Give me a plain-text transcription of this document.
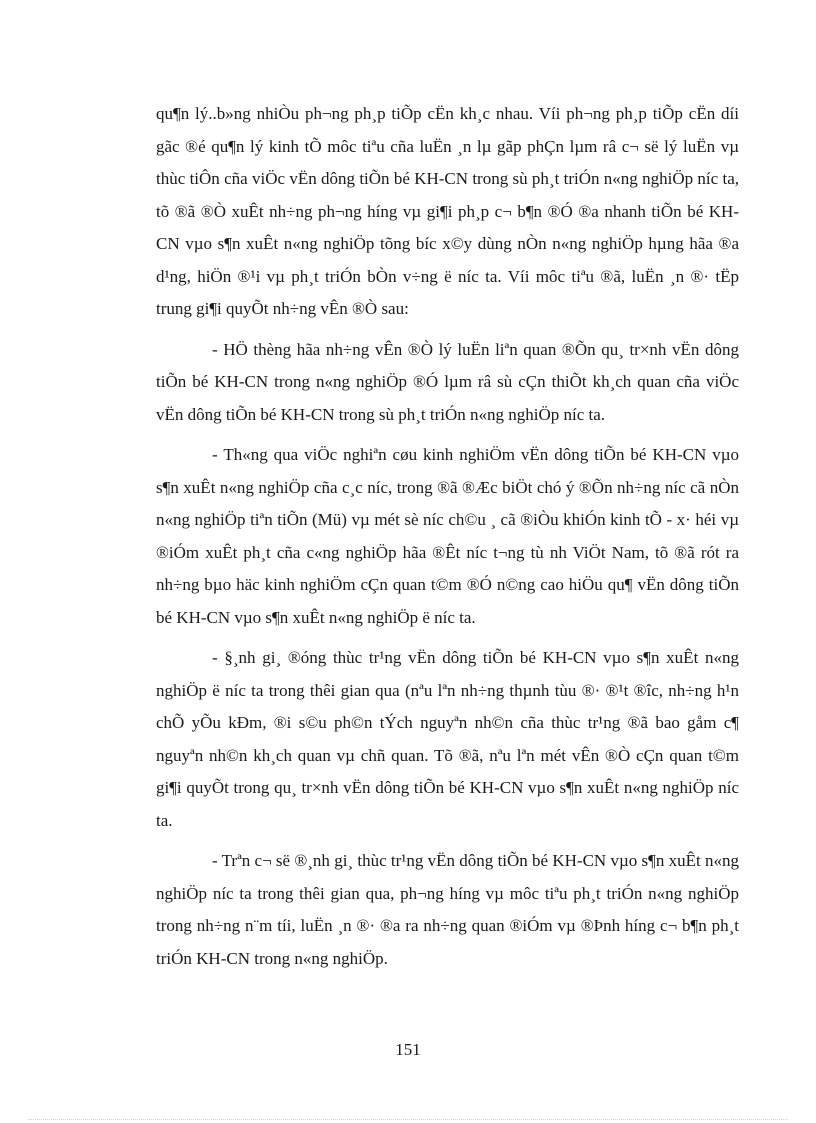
qu¶n lý..b»ng nhiÒu ph¬ng ph¸p tiÕp cËn kh¸c nhau. Víi ph¬ng ph¸p tiÕp cËn díi gãc ®é qu¶n lý kinh tÕ môc tiªu cña luËn ¸n lµ gãp phÇn lµm râ c¬ së lý luËn vµ thùc tiÔn cña viÖc vËn dông tiÕn bé KH-CN trong sù ph¸t triÓn n«ng nghiÖp níc ta, tõ ®ã ®Ò xuÊt nh÷ng ph¬ng híng vµ gi¶i ph¸p c¬ b¶n ®Ó ®a nhanh tiÕn bé KH-CN vµo s¶n xuÊt n«ng nghiÖp tõng bíc x©y dùng nÒn n«ng nghiÖp hµng hãa ®a d¹ng, hiÖn ®¹i vµ ph¸t triÓn bÒn v÷ng ë níc ta. Víi môc tiªu ®ã, luËn ¸n ®· tËp trung gi¶i quyÕt nh÷ng vÊn ®Ò sau:

- HÖ thèng hãa nh÷ng vÊn ®Ò lý luËn liªn quan ®Õn qu¸ tr×nh vËn dông tiÕn bé KH-CN trong n«ng nghiÖp ®Ó lµm râ sù cÇn thiÕt kh¸ch quan cña viÖc vËn dông tiÕn bé KH-CN trong sù ph¸t triÓn n«ng nghiÖp níc ta.

- Th«ng qua viÖc nghiªn cøu kinh nghiÖm vËn dông tiÕn bé KH-CN vµo s¶n xuÊt n«ng nghiÖp cña c¸c níc, trong ®ã ®Æc biÖt chó ý ®Õn nh÷ng níc cã nÒn n«ng nghiÖp tiªn tiÕn (Mü) vµ mét sè níc ch©u ¸ cã ®iÒu khiÓn kinh tÕ - x· héi vµ ®iÓm xuÊt ph¸t cña c«ng nghiÖp hãa ®Êt níc t¬ng tù nh ViÖt Nam, tõ ®ã rót ra nh÷ng bµo häc kinh nghiÖm cÇn quan t©m ®Ó n©ng cao hiÖu qu¶ vËn dông tiÕn bé KH-CN vµo s¶n xuÊt n«ng nghiÖp ë níc ta.

- §¸nh gi¸ ®óng thùc tr¹ng vËn dông tiÕn bé KH-CN vµo s¶n xuÊt n«ng nghiÖp ë níc ta trong thêi gian qua (nªu lªn nh÷ng thµnh tùu ®· ®¹t ®îc, nh÷ng h¹n chÕ yÕu kÐm, ®i s©u ph©n tÝch nguyªn nh©n cña thùc tr¹ng ®ã bao gåm c¶ nguyªn nh©n kh¸ch quan vµ chñ quan. Tõ ®ã, nªu lªn mét vÊn ®Ò cÇn quan t©m gi¶i quyÕt trong qu¸ tr×nh vËn dông tiÕn bé KH-CN vµo s¶n xuÊt n«ng nghiÖp níc ta.

- Trªn c¬ së ®¸nh gi¸ thùc tr¹ng vËn dông tiÕn bé KH-CN vµo s¶n xuÊt n«ng nghiÖp níc ta trong thêi gian qua, ph¬ng híng vµ môc tiªu ph¸t triÓn n«ng nghiÖp trong nh÷ng n¨m tíi, luËn ¸n ®· ®a ra nh÷ng quan ®iÓm vµ ®Þnh híng c¬ b¶n ph¸t triÓn KH-CN trong n«ng nghiÖp.

151
